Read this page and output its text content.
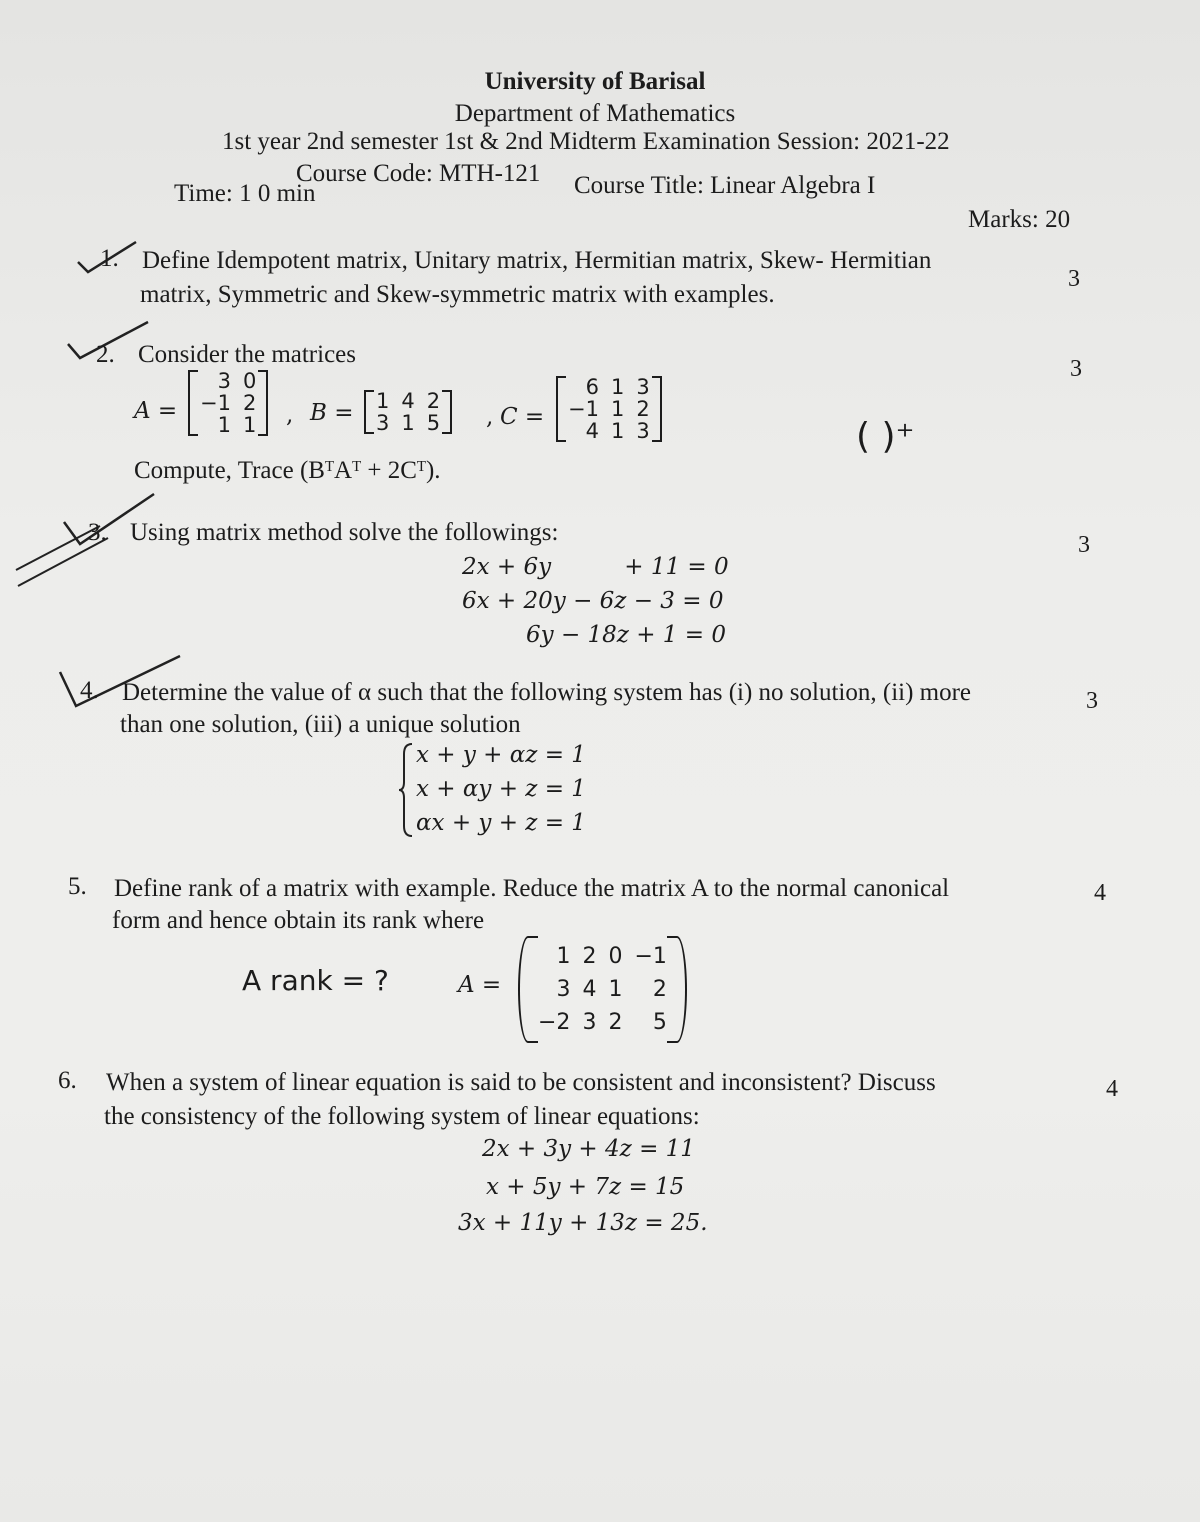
University of Barisal
Department of Mathematics
1st year 2nd semester 1st & 2nd Midterm Examination Session: 2021-22
Course Code: MTH-121 Course Title: Linear Algebra I
Time: 1 0 min
Marks: 20
1. Define Idempotent matrix, Unitary matrix, Hermitian matrix, Skew- Hermitian
matrix, Symmetric and Skew-symmetric matrix with examples.
3
2. Consider the matrices
3
A =
3	0
−1	2
1	1 , B = 1	4	2
3	1	5 , C =
6	1	3
−1	1	2
4	1	3
Compute, Trace (BᵀAᵀ + 2Cᵀ).
( )⁺
3. Using matrix method solve the followings:	3
2x + 6y          + 11 = 0
6x + 20y − 6z − 3 = 0
6y − 18z + 1 = 0
4. Determine the value of α such that the following system has (i) no solution, (ii) more
than one solution, (iii) a unique solution
3
x + y + αz = 1
x + αy + z = 1
αx + y + z = 1
5. Define rank of a matrix with example. Reduce the matrix A to the normal canonical
form and hence obtain its rank where
4
A rank = ?	A =
1	2	0	−1
3	4	1	2
−2	3	2	5
6. When a system of linear equation is said to be consistent and inconsistent? Discuss
the consistency of the following system of linear equations:
4
2x + 3y + 4z = 11
x + 5y + 7z = 15
3x + 11y + 13z = 25.
